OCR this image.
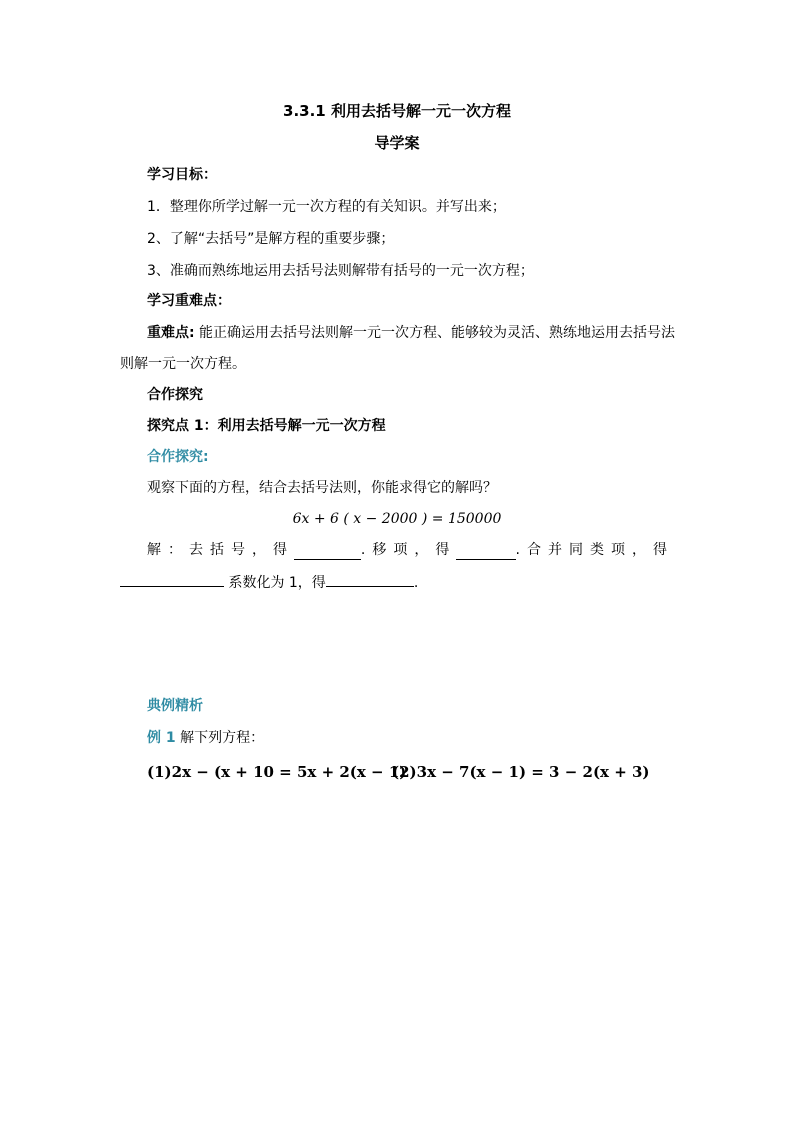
3.3.1 利用去括号解一元一次方程
导学案
学习目标：
1．整理你所学过解一元一次方程的有关知识。并写出来；
2、了解“去括号”是解方程的重要步骤；
3、准确而熟练地运用去括号法则解带有括号的一元一次方程；
学习重难点：
重难点: 能正确运用去括号法则解一元一次方程、能够较为灵活、熟练地运用去括号法
则解一元一次方程。
合作探究
探究点 1：利用去括号解一元一次方程
合作探究:
观察下面的方程，结合去括号法则，你能求得它的解吗？
6x + 6 ( x − 2000 ) = 150000
解：去括号，得	.移项，得	.合并同类项，得
系数化为 1，得	.
典例精析
例 1 解下列方程：
(1)2x − (x + 10 = 5x + 2(x − 1)
(2)3x − 7(x − 1) = 3 − 2(x + 3)
